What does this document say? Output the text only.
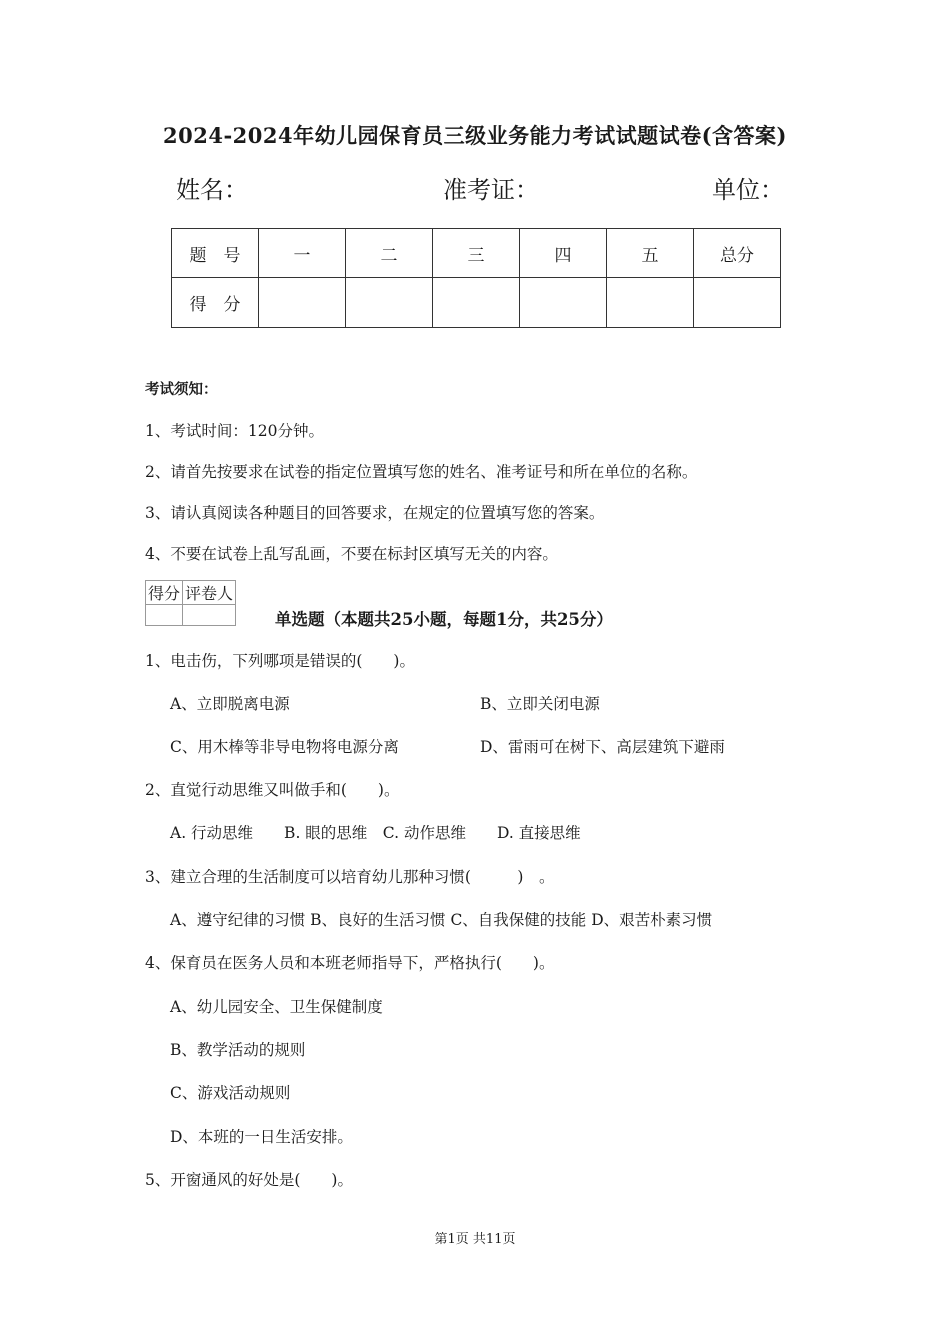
2024-2024年幼儿园保育员三级业务能力考试试题试卷(含答案)
姓名：	准考证：	单位：
题　号	一	二	三	四	五	总分
得　分						
考试须知：
1、考试时间：120分钟。
2、请首先按要求在试卷的指定位置填写您的姓名、准考证号和所在单位的名称。
3、请认真阅读各种题目的回答要求，在规定的位置填写您的答案。
4、不要在试卷上乱写乱画，不要在标封区填写无关的内容。
得分	评卷人

单选题（本题共25小题，每题1分，共25分）
1、电击伤，下列哪项是错误的(　　)。
A、立即脱离电源	B、立即关闭电源
C、用木棒等非导电物将电源分离	D、雷雨可在树下、高层建筑下避雨
2、直觉行动思维又叫做手和(　　)。
A. 行动思维　　B. 眼的思维　C. 动作思维　　D. 直接思维
3、建立合理的生活制度可以培育幼儿那种习惯(　　　)　。
A、遵守纪律的习惯 B、良好的生活习惯 C、自我保健的技能 D、艰苦朴素习惯
4、保育员在医务人员和本班老师指导下，严格执行(　　)。
A、幼儿园安全、卫生保健制度
B、教学活动的规则
C、游戏活动规则
D、本班的一日生活安排。
5、开窗通风的好处是(　　)。
第1页 共11页
